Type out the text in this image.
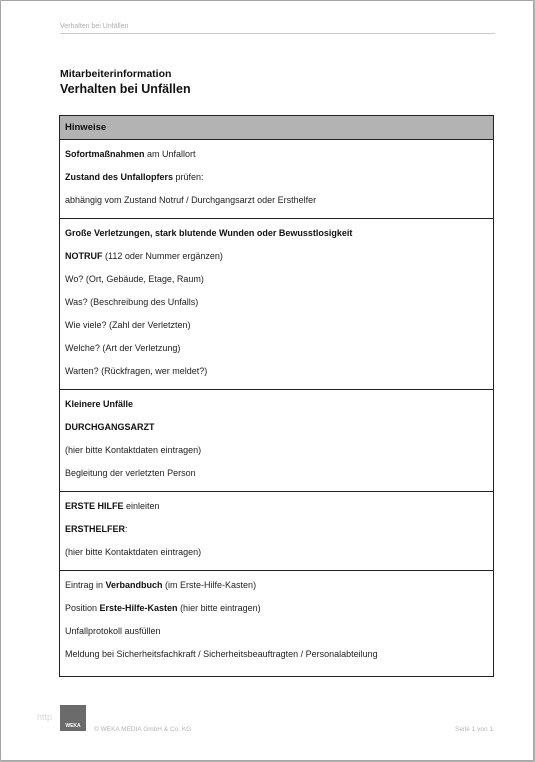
Verhalten bei Unfällen
Mitarbeiterinformation
Verhalten bei Unfällen
Hinweise
Sofortmaßnahmen am Unfallort
Zustand des Unfallopfers prüfen:
abhängig vom Zustand Notruf / Durchgangsarzt oder Ersthelfer
Große Verletzungen, stark blutende Wunden oder Bewusstlosigkeit
NOTRUF (112 oder Nummer ergänzen)
Wo? (Ort, Gebäude, Etage, Raum)
Was? (Beschreibung des Unfalls)
Wie viele? (Zahl der Verletzten)
Welche? (Art der Verletzung)
Warten? (Rückfragen, wer meldet?)
Kleinere Unfälle
DURCHGANGSARZT
(hier bitte Kontaktdaten eintragen)
Begleitung der verletzten Person
ERSTE HILFE einleiten
ERSTHELFER:
(hier bitte Kontaktdaten eintragen)
Eintrag in Verbandbuch (im Erste-Hilfe-Kasten)
Position Erste-Hilfe-Kasten (hier bitte eintragen)
Unfallprotokoll ausfüllen
Meldung bei Sicherheitsfachkraft / Sicherheitsbeauftragten / Personalabteilung
http
WEKA	© WEKA MEDIA GmbH & Co. KG	Seite 1 von 1
